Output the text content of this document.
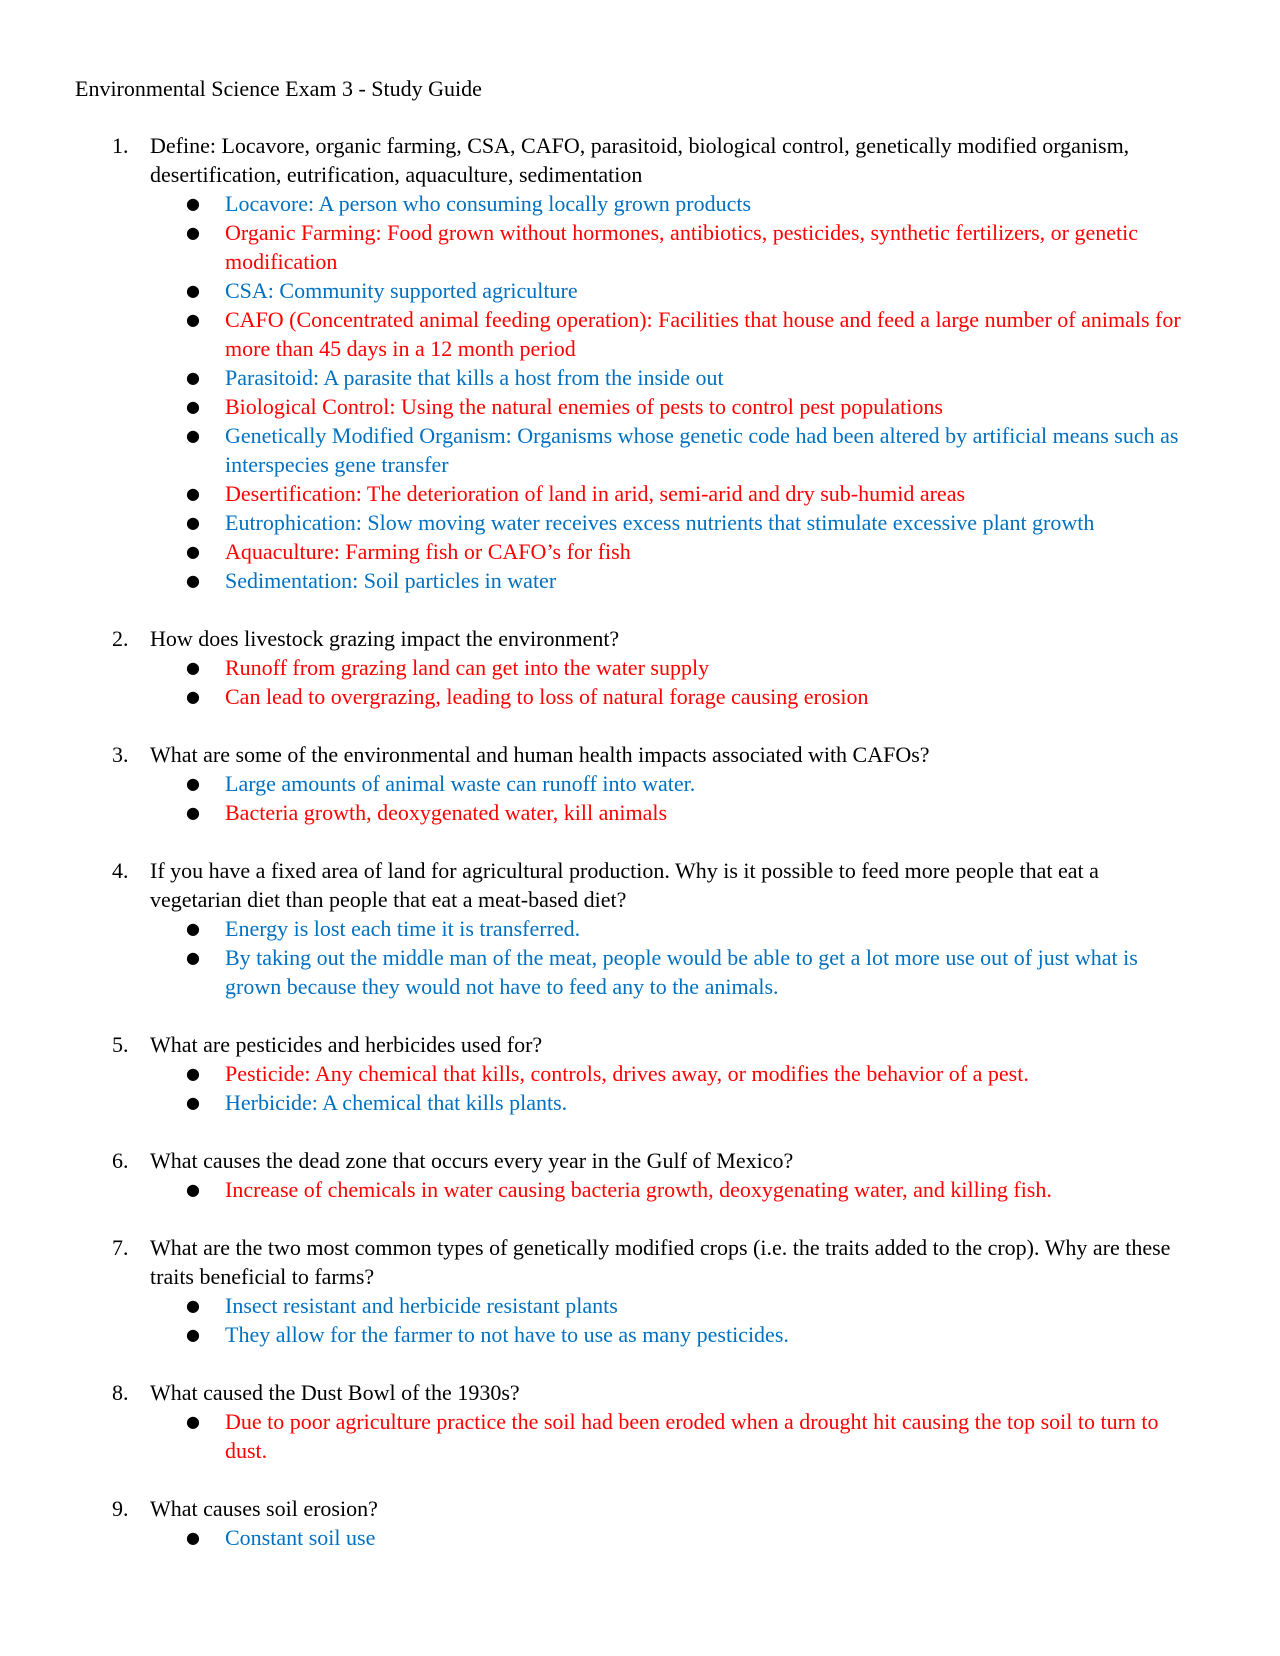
Environmental Science Exam 3 - Study Guide
1. Define: Locavore, organic farming, CSA, CAFO, parasitoid, biological control, genetically modified organism, desertification, eutrification, aquaculture, sedimentation
● Locavore: A person who consuming locally grown products
● Organic Farming: Food grown without hormones, antibiotics, pesticides, synthetic fertilizers, or genetic modification
● CSA: Community supported agriculture
● CAFO (Concentrated animal feeding operation): Facilities that house and feed a large number of animals for more than 45 days in a 12 month period
● Parasitoid: A parasite that kills a host from the inside out
● Biological Control: Using the natural enemies of pests to control pest populations
● Genetically Modified Organism: Organisms whose genetic code had been altered by artificial means such as interspecies gene transfer
● Desertification: The deterioration of land in arid, semi-arid and dry sub-humid areas
● Eutrophication: Slow moving water receives excess nutrients that stimulate excessive plant growth
● Aquaculture: Farming fish or CAFO’s for fish
● Sedimentation: Soil particles in water
2. How does livestock grazing impact the environment?
● Runoff from grazing land can get into the water supply
● Can lead to overgrazing, leading to loss of natural forage causing erosion
3. What are some of the environmental and human health impacts associated with CAFOs?
● Large amounts of animal waste can runoff into water.
● Bacteria growth, deoxygenated water, kill animals
4. If you have a fixed area of land for agricultural production. Why is it possible to feed more people that eat a vegetarian diet than people that eat a meat-based diet?
● Energy is lost each time it is transferred.
● By taking out the middle man of the meat, people would be able to get a lot more use out of just what is grown because they would not have to feed any to the animals.
5. What are pesticides and herbicides used for?
● Pesticide: Any chemical that kills, controls, drives away, or modifies the behavior of a pest.
● Herbicide: A chemical that kills plants.
6. What causes the dead zone that occurs every year in the Gulf of Mexico?
● Increase of chemicals in water causing bacteria growth, deoxygenating water, and killing fish.
7. What are the two most common types of genetically modified crops (i.e. the traits added to the crop). Why are these traits beneficial to farms?
● Insect resistant and herbicide resistant plants
● They allow for the farmer to not have to use as many pesticides.
8. What caused the Dust Bowl of the 1930s?
● Due to poor agriculture practice the soil had been eroded when a drought hit causing the top soil to turn to dust.
9. What causes soil erosion?
● Constant soil use
